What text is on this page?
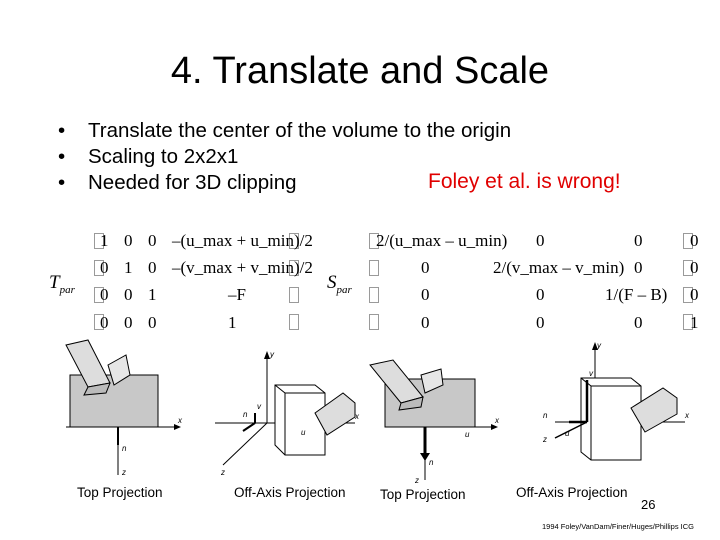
4. Translate and Scale
• Translate the center of the volume to the origin
• Scaling to 2x2x1
• Needed for 3D clipping	Foley et al. is wrong!
$T_{par}$
1 0 0 –(u_max + u_min)/2
0 1 0 –(v_max + v_min)/2
0 0 1	–F
0 0 0	1
$S_{par}$
2/(u_max – u_min) 0	0	0
0	2/(v_max – v_min) 0	0
0	0	1/(F – B) 0
0	0	0	1
x
n
z
y
v
x
u
n
z
x
u
n
z
y
v
n
u
x
z
Top Projection	Off-Axis Projection	Top Projection	Off-Axis Projection
26
1994 Foley/VanDam/Finer/Huges/Phillips ICG
